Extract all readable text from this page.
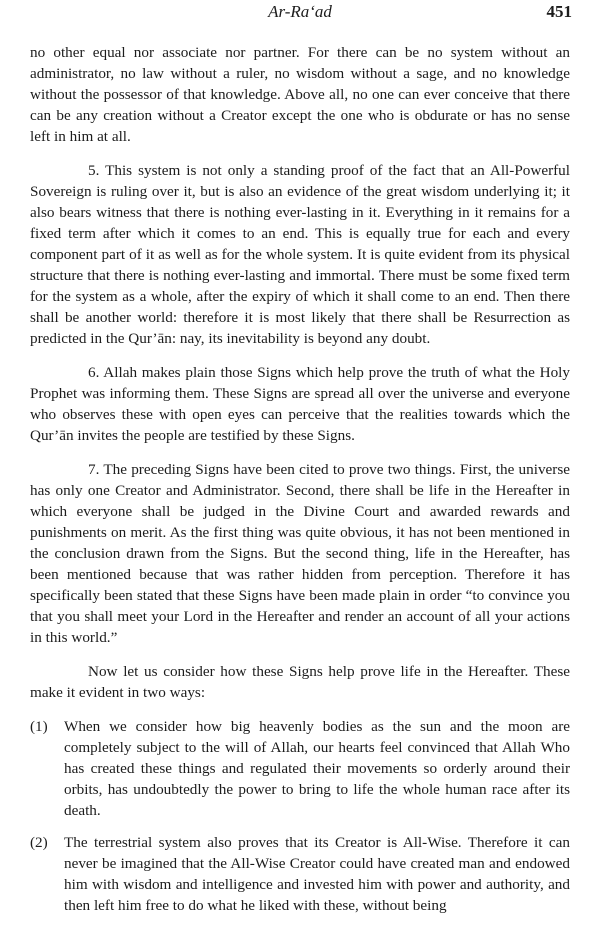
Ar-Ra‘ad	451

no other equal nor associate nor partner. For there can be no system without an administrator, no law without a ruler, no wisdom without a sage, and no knowledge without the possessor of that knowledge. Above all, no one can ever conceive that there can be any creation without a Creator except the one who is obdurate or has no sense left in him at all.

5. This system is not only a standing proof of the fact that an All-Powerful Sovereign is ruling over it, but is also an evidence of the great wisdom underlying it; it also bears witness that there is nothing ever-lasting in it. Everything in it remains for a fixed term after which it comes to an end. This is equally true for each and every component part of it as well as for the whole system. It is quite evident from its physical structure that there is nothing ever-lasting and immortal. There must be some fixed term for the system as a whole, after the expiry of which it shall come to an end. Then there shall be another world: therefore it is most likely that there shall be Resurrection as predicted in the Qur’ān: nay, its inevitability is beyond any doubt.

6. Allah makes plain those Signs which help prove the truth of what the Holy Prophet was informing them. These Signs are spread all over the universe and everyone who observes these with open eyes can perceive that the realities towards which the Qur’ān invites the people are testified by these Signs.

7. The preceding Signs have been cited to prove two things. First, the universe has only one Creator and Administrator. Second, there shall be life in the Hereafter in which everyone shall be judged in the Divine Court and awarded rewards and punishments on merit. As the first thing was quite obvious, it has not been mentioned in the conclusion drawn from the Signs. But the second thing, life in the Hereafter, has been mentioned because that was rather hidden from perception. Therefore it has specifically been stated that these Signs have been made plain in order “to convince you that you shall meet your Lord in the Hereafter and render an account of all your actions in this world.”

Now let us consider how these Signs help prove life in the Hereafter. These make it evident in two ways:

(1)	When we consider how big heavenly bodies as the sun and the moon are completely subject to the will of Allah, our hearts feel convinced that Allah Who has created these things and regulated their movements so orderly around their orbits, has undoubtedly the power to bring to life the whole human race after its death.
(2)	The terrestrial system also proves that its Creator is All-Wise. Therefore it can never be imagined that the All-Wise Creator could have created man and endowed him with wisdom and intelligence and invested him with power and authority, and then left him free to do what he liked with these, without being
